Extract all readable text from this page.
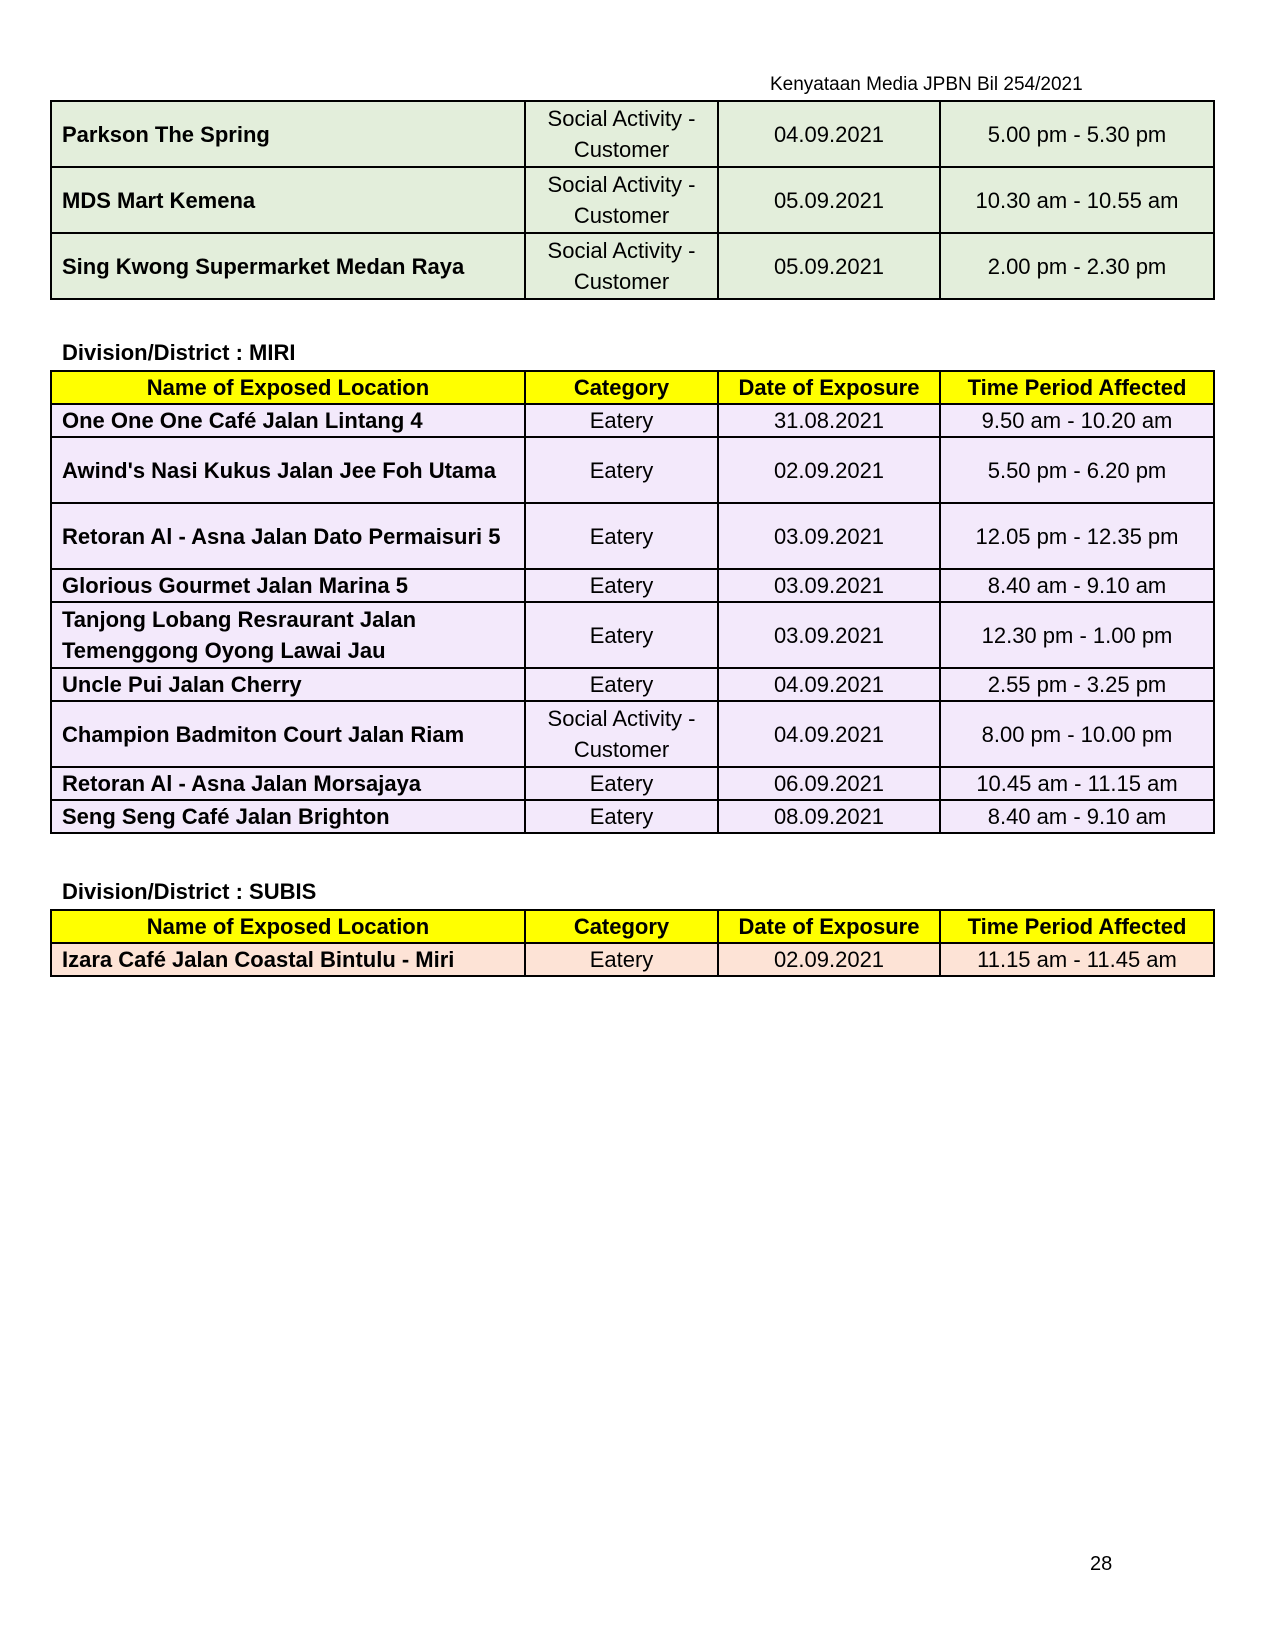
Kenyataan Media JPBN Bil 254/2021
Parkson The Spring	Social Activity - Customer	04.09.2021	5.00 pm - 5.30 pm
MDS Mart Kemena	Social Activity - Customer	05.09.2021	10.30 am - 10.55 am
Sing Kwong Supermarket Medan Raya	Social Activity - Customer	05.09.2021	2.00 pm - 2.30 pm
Division/District : MIRI
Name of Exposed Location	Category	Date of Exposure	Time Period Affected
One One One Café Jalan Lintang 4	Eatery	31.08.2021	9.50 am - 10.20 am
Awind's Nasi Kukus Jalan Jee Foh Utama	Eatery	02.09.2021	5.50 pm - 6.20 pm
Retoran Al - Asna Jalan Dato Permaisuri 5	Eatery	03.09.2021	12.05 pm - 12.35 pm
Glorious Gourmet Jalan Marina 5	Eatery	03.09.2021	8.40 am - 9.10 am
Tanjong Lobang Resraurant Jalan Temenggong Oyong Lawai Jau	Eatery	03.09.2021	12.30 pm - 1.00 pm
Uncle Pui Jalan Cherry	Eatery	04.09.2021	2.55 pm - 3.25 pm
Champion Badmiton Court Jalan Riam	Social Activity - Customer	04.09.2021	8.00 pm - 10.00 pm
Retoran Al - Asna Jalan Morsajaya	Eatery	06.09.2021	10.45 am - 11.15 am
Seng Seng Café Jalan Brighton	Eatery	08.09.2021	8.40 am - 9.10 am
Division/District : SUBIS
Name of Exposed Location	Category	Date of Exposure	Time Period Affected
Izara Café Jalan Coastal Bintulu - Miri	Eatery	02.09.2021	11.15 am - 11.45 am
28
